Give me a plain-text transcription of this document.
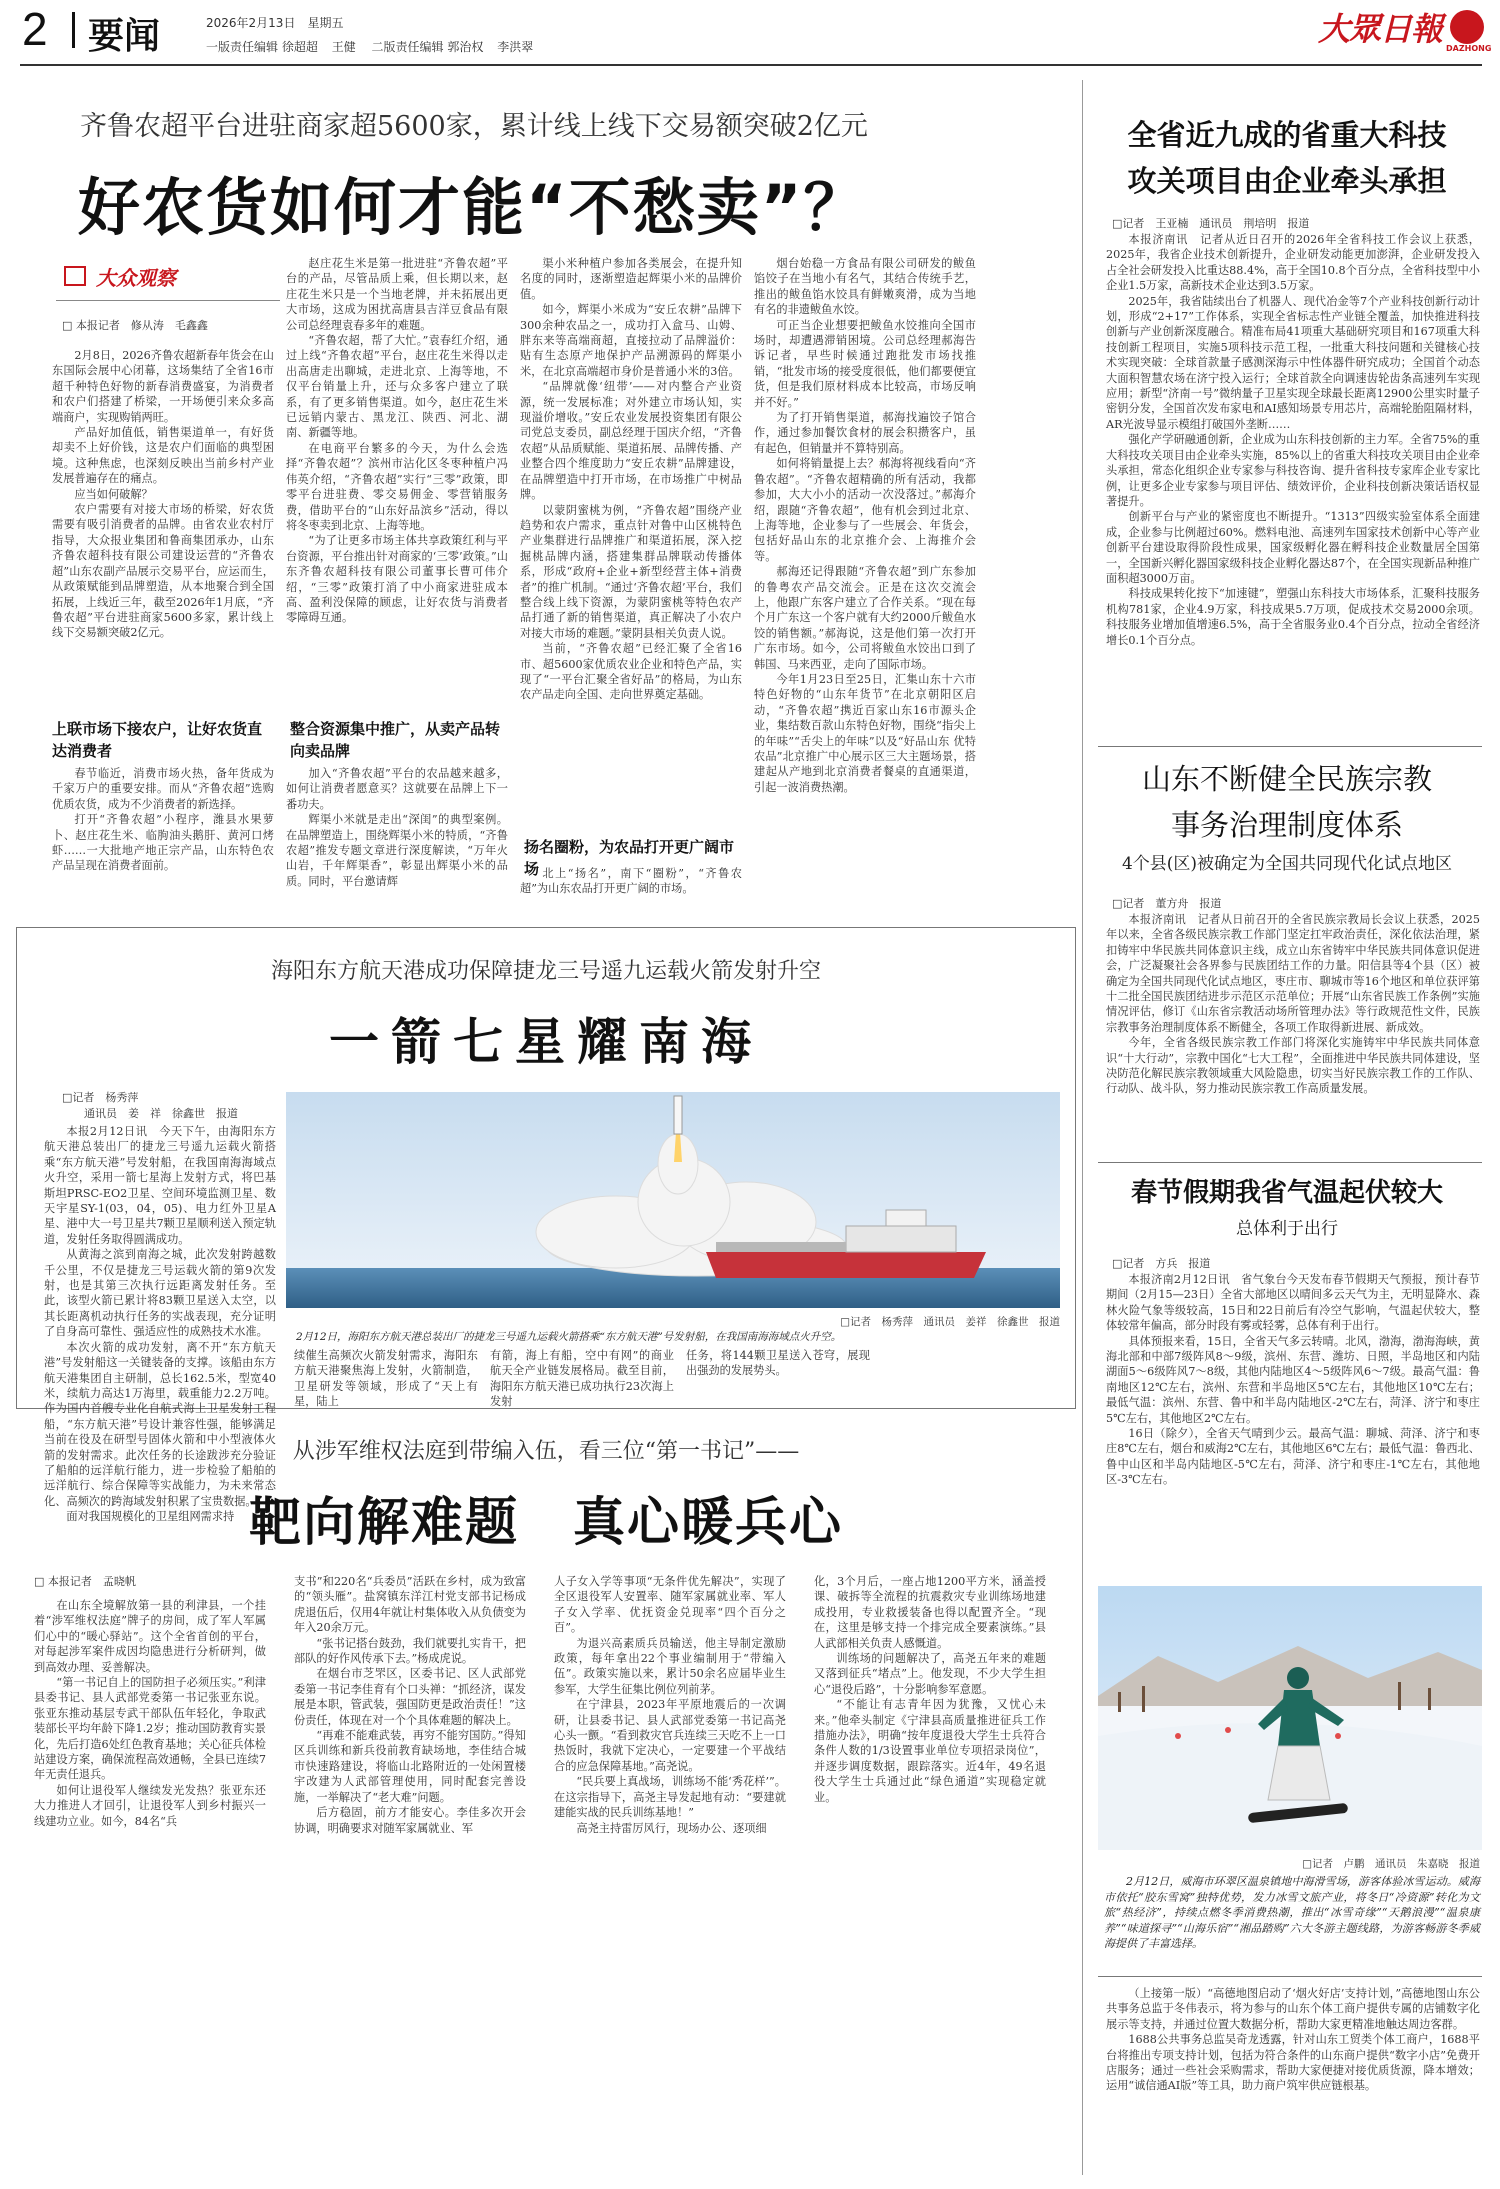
2 要闻	2026年2月13日　星期五
一版责任编辑 徐超超 王健 二版责任编辑 郭治权 李洪翠	大眾日報
DAZHONG
齐鲁农超平台进驻商家超5600家，累计线上线下交易额突破2亿元
好农货如何才能“不愁卖”？
大众观察
□ 本报记者　修从涛　毛鑫鑫

2月8日，2026齐鲁农超新春年货会在山东国际会展中心闭幕，这场集结了全省16市超千种特色好物的新春消费盛宴，为消费者和农户们搭建了桥梁，一开场便引来众多高端商户，实现购销两旺。

产品好加值低，销售渠道单一，有好货却卖不上好价钱，这是农户们面临的典型困境。这种焦虑，也深刻反映出当前乡村产业发展普遍存在的痛点。

应当如何破解？

农户需要有对接大市场的桥梁，好农货需要有吸引消费者的品牌。由省农业农村厅指导，大众报业集团和鲁商集团承办，山东齐鲁农超科技有限公司建设运营的“齐鲁农超”山东农副产品展示交易平台，应运而生，从政策赋能到品牌塑造，从本地聚合到全国拓展，上线近三年，截至2026年1月底，“齐鲁农超”平台进驻商家5600多家，累计线上线下交易额突破2亿元。

上联市场下接农户，让好农货直达消费者

春节临近，消费市场火热，备年货成为千家万户的重要安排。而从“齐鲁农超”选购优质农货，成为不少消费者的新选择。

打开“齐鲁农超”小程序，潍县水果萝卜、赵庄花生米、临朐油头鹅肝、黄河口烤虾……一大批地产地正宗产品，山东特色农产品呈现在消费者面前。

赵庄花生米是第一批进驻“齐鲁农超”平台的产品，尽管品质上乘，但长期以来，赵庄花生米只是一个当地老牌，并未拓展出更大市场，这成为困扰高唐县吉洋豆食品有限公司总经理袁春多年的难题。

“齐鲁农超，帮了大忙。”袁春红介绍，通过上线“齐鲁农超”平台，赵庄花生米得以走出高唐走出聊城，走进北京、上海等地，不仅平台销量上升，还与众多客户建立了联系，有了更多销售渠道。如今，赵庄花生米已远销内蒙古、黑龙江、陕西、河北、湖南、新疆等地。

在电商平台繁多的今天，为什么会选择“齐鲁农超”？滨州市沾化区冬枣种植户冯伟英介绍，“齐鲁农超”实行“三零”政策，即零平台进驻费、零交易佣金、零营销服务费，借助平台的“山东好品滨乡”活动，得以将冬枣卖到北京、上海等地。

“为了让更多市场主体共享政策红利与平台资源，平台推出针对商家的‘三零’政策。”山东齐鲁农超科技有限公司董事长曹可伟介绍，“三零”政策打消了中小商家进驻成本高、盈利没保障的顾虑，让好农货与消费者零障碍互通。

整合资源集中推广，从卖产品转向卖品牌

加入“齐鲁农超”平台的农品越来越多，如何让消费者愿意买？这就要在品牌上下一番功夫。

辉渠小米就是走出“深闺”的典型案例。在品牌塑造上，围绕辉渠小米的特质，“齐鲁农超”推发专题文章进行深度解读，“万年火山岩，千年辉渠香”，彰显出辉渠小米的品质。同时，平台邀请辉

渠小米种植户参加各类展会，在提升知名度的同时，逐渐塑造起辉渠小米的品牌价值。

如今，辉渠小米成为“安丘农耕”品牌下300余种农品之一，成功打入盒马、山姆、胖东来等高端商超，直接拉动了品牌溢价：贴有生态原产地保护产品溯源码的辉渠小米，在北京高端超市身价是普通小米的3倍。

“品牌就像‘纽带’——对内整合产业资源，统一发展标准；对外建立市场认知，实现溢价增收。”安丘农业发展投资集团有限公司党总支委员，副总经理于国庆介绍，“齐鲁农超”从品质赋能、渠道拓展、品牌传播、产业整合四个维度助力“安丘农耕”品牌建设，在品牌塑造中打开市场，在市场推广中树品牌。

以蒙阴蜜桃为例，“齐鲁农超”围绕产业趋势和农户需求，重点针对鲁中山区桃特色产业集群进行品牌推广和渠道拓展，深入挖掘桃品牌内涵，搭建集群品牌联动传播体系，形成“政府+企业+新型经营主体+消费者”的推广机制。“通过‘齐鲁农超’平台，我们整合线上线下资源，为蒙阴蜜桃等特色农产品打通了新的销售渠道，真正解决了小农户对接大市场的难题。”蒙阴县相关负责人说。

当前，“齐鲁农超”已经汇聚了全省16市、超5600家优质农业企业和特色产品，实现了“一平台汇聚全省好品”的格局，为山东农产品走向全国、走向世界奠定基础。

扬名圈粉，为农品打开更广阔市场 北上“扬名”，南下“圈粉”，“齐鲁农超”为山东农品打开更广阔的市场。

烟台始稳一方食品有限公司研发的鲅鱼馅饺子在当地小有名气，其结合传统手艺，推出的鲅鱼馅水饺具有鲜嫩爽滑，成为当地有名的非遗鲅鱼水饺。

可正当企业想要把鲅鱼水饺推向全国市场时，却遭遇滞销困境。公司总经理郝海告诉记者，早些时候通过跑批发市场找推销，“批发市场的接受度很低，他们都要便宜货，但是我们原材料成本比较高，市场反响并不好。”

为了打开销售渠道，郝海找遍饺子馆合作，通过参加餐饮食材的展会积攒客户，虽有起色，但销量并不算特别高。

如何将销量提上去？郝海将视线看向“齐鲁农超”。“齐鲁农超精确的所有活动，我都参加，大大小小的活动一次没落过。”郝海介绍，跟随“齐鲁农超”，他有机会到过北京、上海等地，企业参与了一些展会、年货会，包括好品山东的北京推介会、上海推介会等。

郝海还记得跟随“齐鲁农超”到广东参加的鲁粤农产品交流会。正是在这次交流会上，他跟广东客户建立了合作关系。“现在每个月广东这一个客户就有大约2000斤鲅鱼水饺的销售额。”郝海说，这是他们第一次打开广东市场。如今，公司将鲅鱼水饺出口到了韩国、马来西亚，走向了国际市场。

今年1月23日至25日，汇集山东十六市特色好物的“山东年货节”在北京朝阳区启动，“齐鲁农超”携近百家山东16市源头企业，集结数百款山东特色好物，围绕“指尖上的年味”“舌尖上的年味”以及“好品山东 优特农品”北京推广中心展示区三大主题场景，搭建起从产地到北京消费者餐桌的直通渠道，引起一波消费热潮。

全省近九成的省重大科技
攻关项目由企业牵头承担
□记者　王亚楠　通讯员　荆培明　报道

本报济南讯　记者从近日召开的2026年全省科技工作会议上获悉，2025年，我省企业技术创新提升，企业研发动能更加澎湃，企业研发投入占全社会研发投入比重达88.4%，高于全国10.8个百分点，全省科技型中小企业1.5万家，高新技术企业达到3.5万家。

2025年，我省陆续出台了机器人、现代冶金等7个产业科技创新行动计划，形成“2+17”工作体系，实现全省标志性产业链全覆盖，加快推进科技创新与产业创新深度融合。精准布局41项重大基础研究项目和167项重大科技创新工程项目，实施5项科技示范工程，一批重大科技问题和关键核心技术实现突破：全球首款量子感测深海示中性体器件研究成功；全国首个动态大面积智慧农场在济宁投入运行；全球首款全向调速齿轮齿条高速列车实现应用；新型“济南一号”微纳量子卫星实现全球最长距离12900公里实时量子密钥分发，全国首次发布家电和AI感知场景专用芯片，高端轮胎阻隔材料，AR光波导显示模组打破国外垄断……

强化产学研融通创新，企业成为山东科技创新的主力军。全省75%的重大科技攻关项目由企业牵头实施，85%以上的省重大科技攻关项目由企业牵头承担，常态化组织企业专家参与科技咨询、提升省科技专家库企业专家比例，让更多企业专家参与项目评估、绩效评价，企业科技创新决策话语权显著提升。

创新平台与产业的紧密度也不断提升。“1313”四级实验室体系全面建成，企业参与比例超过60%。燃料电池、高速列车国家技术创新中心等产业创新平台建设取得阶段性成果，国家级孵化器在孵科技企业数量居全国第一，全国新兴孵化器国家级科技企业孵化器达87个，在全国实现新品种推广面积超3000万亩。

科技成果转化按下“加速键”，塑强山东科技大市场体系，汇聚科技服务机构781家，企业4.9万家，科技成果5.7万项，促成技术交易2000余项。科技服务业增加值增速6.5%，高于全省服务业0.4个百分点，拉动全省经济增长0.1个百分点。

山东不断健全民族宗教
事务治理制度体系
4个县(区)被确定为全国共同现代化试点地区
□记者　董方舟　报道

本报济南讯　记者从日前召开的全省民族宗教局长会议上获悉，2025年以来，全省各级民族宗教工作部门坚定扛牢政治责任，深化依法治理，紧扣铸牢中华民族共同体意识主线，成立山东省铸牢中华民族共同体意识促进会，广泛凝聚社会各界参与民族团结工作的力量。阳信县等4个县（区）被确定为全国共同现代化试点地区，枣庄市、聊城市等16个地区和单位获评第十二批全国民族团结进步示范区示范单位；开展“山东省民族工作条例”实施情况评估，修订《山东省宗教活动场所管理办法》等行政规范性文件，民族宗教事务治理制度体系不断健全，各项工作取得新进展、新成效。

今年，全省各级民族宗教工作部门将深化实施铸牢中华民族共同体意识“十大行动”，宗教中国化“七大工程”，全面推进中华民族共同体建设，坚决防范化解民族宗教领域重大风险隐患，切实当好民族宗教工作的工作队、行动队、战斗队，努力推动民族宗教工作高质量发展。

春节假期我省气温起伏较大
总体利于出行
□记者　方兵　报道

本报济南2月12日讯　省气象台今天发布春节假期天气预报，预计春节期间（2月15—23日）全省大部地区以晴间多云天气为主，无明显降水、森林火险气象等级较高，15日和22日前后有冷空气影响，气温起伏较大，整体较常年偏高，部分时段有雾或轻雾，总体有利于出行。

具体预报来看，15日，全省天气多云转晴。北风，渤海，渤海海峡，黄海北部和中部7级阵风8～9级，滨州、东营、潍坊、日照，半岛地区和内陆湖面5～6级阵风7～8级，其他内陆地区4～5级阵风6～7级。最高气温：鲁南地区12℃左右，滨州、东营和半岛地区5℃左右，其他地区10℃左右；最低气温：滨州、东营、鲁中和半岛内陆地区-2℃左右，菏泽、济宁和枣庄5℃左右，其他地区2℃左右。

16日（除夕），全省天气晴到少云。最高气温：聊城、菏泽、济宁和枣庄8℃左右，烟台和威海2℃左右，其他地区6℃左右；最低气温：鲁西北、鲁中山区和半岛内陆地区-5℃左右，菏泽、济宁和枣庄-1℃左右，其他地区-3℃左右。

□记者　卢鹏　通讯员　朱嘉晓　报道
2月12日，威海市环翠区温泉镇地中海滑雪场，游客体验冰雪运动。威海市依托“胶东雪窝”独特优势，发力冰雪文旅产业，将冬日“冷资源”转化为文旅“热经济”，持续点燃冬季消费热潮，推出“冰雪奇缘”“天鹅浪漫”“温泉康养”“味道探寻”“山海乐宿”“湘品踏购”六大冬游主题线路，为游客畅游冬季威海提供了丰富选择。

（上接第一版）“高德地图启动了‘烟火好店’支持计划，”高德地图山东公共事务总监于冬伟表示，将为参与的山东个体工商户提供专属的店铺数字化展示等支持，并通过位置大数据分析，帮助大家更精准地触达周边客群。

1688公共事务总监吴奇龙透露，针对山东工贸类个体工商户，1688平台将推出专项支持计划，包括为符合条件的山东商户提供“数字小店”免费开店服务；通过一些社会采购需求，帮助大家便捷对接优质货源，降本增效；运用“诚信通AI版”等工具，助力商户筑牢供应链根基。

海阳东方航天港成功保障捷龙三号遥九运载火箭发射升空
一箭七星耀南海
□记者　杨秀萍
通讯员　姜　祥　徐鑫世　报道

本报2月12日讯　今天下午，由海阳东方航天港总装出厂的捷龙三号遥九运载火箭搭乘“东方航天港”号发射船，在我国南海海域点火升空，采用一箭七星海上发射方式，将巴基斯坦PRSC-EO2卫星、空间环境监测卫星、数天宇星SY-1(03，04，05)、电力红外卫星A星、港中大一号卫星共7颗卫星顺利送入预定轨道，发射任务取得圆满成功。

从黄海之滨到南海之城，此次发射跨越数千公里，不仅是捷龙三号运载火箭的第9次发射，也是其第三次执行远距离发射任务。至此，该型火箭已累计将83颗卫星送入太空，以其长距离机动执行任务的实战表现，充分证明了自身高可靠性、强适应性的成熟技术水准。

本次火箭的成功发射，离不开“东方航天港”号发射船这一关键装备的支撑。该船由东方航天港集团自主研制，总长162.5米，型宽40米，续航力高达1万海里，载重能力2.2万吨。作为国内首艘专业化自航式海上卫星发射工程船，“东方航天港”号设计兼容性强，能够满足当前在役及在研型号固体火箭和中小型液体火箭的发射需求。此次任务的长途跋涉充分验证了船舶的远洋航行能力，进一步检验了船舶的远洋航行、综合保障等实战能力，为未来常态化、高频次的跨海域发射积累了宝贵数据。

面对我国规模化的卫星组网需求持

□记者　杨秀萍　通讯员　姜祥　徐鑫世　报道
2月12日，海阳东方航天港总装出厂的捷龙三号遥九运载火箭搭乘“东方航天港”号发射船，在我国南海海域点火升空。

续催生高频次火箭发射需求，海阳东方航天港聚焦海上发射，火箭制造，卫星研发等领域，形成了“天上有星，陆上

有箭，海上有船，空中有网”的商业航天全产业链发展格局。截至目前，海阳东方航天港已成功执行23次海上发射

任务，将144颗卫星送入苍穹，展现出强劲的发展势头。

从涉军维权法庭到带编入伍，看三位“第一书记”——
靶向解难题　真心暖兵心
□ 本报记者　孟晓帆

在山东全境解放第一县的利津县，一个挂着“涉军维权法庭”牌子的房间，成了军人军属们心中的“暖心驿站”。这个全省首创的平台，对每起涉军案件成因均隐患进行分析研判，做到高效办理、妥善解决。

“第一书记自上的国防担子必须压实。”利津县委书记、县人武部党委第一书记张亚东说。张亚东推动基层专武干部队伍年轻化，争取武装部长平均年龄下降1.2岁；推动国防教育实景化，先后打造6处红色教育基地；关心征兵体检站建设方案，确保流程高效通畅，全县已连续7年无责任退兵。

如何让退役军人继续发光发热？张亚东还大力推进人才回引，让退役军人到乡村振兴一线建功立业。如今，84名“兵

支书”和220名“兵委员”活跃在乡村，成为致富的“领头雁”。盐窝镇东洋江村党支部书记杨成虎退伍后，仅用4年就让村集体收入从负债变为年入20余万元。

“张书记搭台鼓劲，我们就要扎实肯干，把部队的好作风传承下去。”杨成虎说。

在烟台市芝罘区，区委书记、区人武部党委第一书记李佳育有个口头禅：“抓经济，谋发展是本职，管武装，强国防更是政治责任！”这份责任，体现在对一个个具体难题的解决上。

“再难不能难武装，再穷不能穷国防。”得知区兵训练和新兵役前教育缺场地，李佳结合城市快速路建设，将临山北路附近的一处闲置楼宇改建为人武部管理使用，同时配套完善设施，一举解决了“老大难”问题。

后方稳固，前方才能安心。李佳多次开会协调，明确要求对随军家属就业、军

人子女入学等事项“无条件优先解决”，实现了全区退役军人安置率、随军家属就业率、军人子女入学率、优抚资金兑现率“四个百分之百”。

为退兴高素质兵员输送，他主导制定激励政策，每年拿出22个事业编制用于“带编入伍”。政策实施以来，累计50余名应届毕业生参军，大学生征集比例位列前茅。

在宁津县，2023年平原地震后的一次调研，让县委书记、县人武部党委第一书记高尧心头一颤。“看到救灾官兵连续三天吃不上一口热饭时，我就下定决心，一定要建一个平战结合的应急保障基地。”高尧说。

“民兵要上真战场，训练场不能‘秀花样’”。在这宗指导下，高尧主导发起地有动：“要建就建能实战的民兵训练基地！”

高尧主持雷厉风行，现场办公、逐项细

化，3个月后，一座占地1200平方米，涵盖授课、破拆等全流程的抗震救灾专业训练场地建成投用，专业救援装备也得以配置齐全。“现在，这里是够支持一个排完成全要素演练。”县人武部相关负责人感慨道。

训练场的问题解决了，高尧五年来的难题又落到征兵“堵点”上。他发现，不少大学生担心“退役后路”，十分影响参军意愿。

“不能让有志青年因为犹豫，又忧心未来。”他牵头制定《宁津县高质量推进征兵工作措施办法》，明确“按年度退役大学生士兵符合条件人数的1/3设置事业单位专项招录岗位”，并逐步调度数据，跟踪落实。近4年，49名退役大学生士兵通过此“绿色通道”实现稳定就业。
